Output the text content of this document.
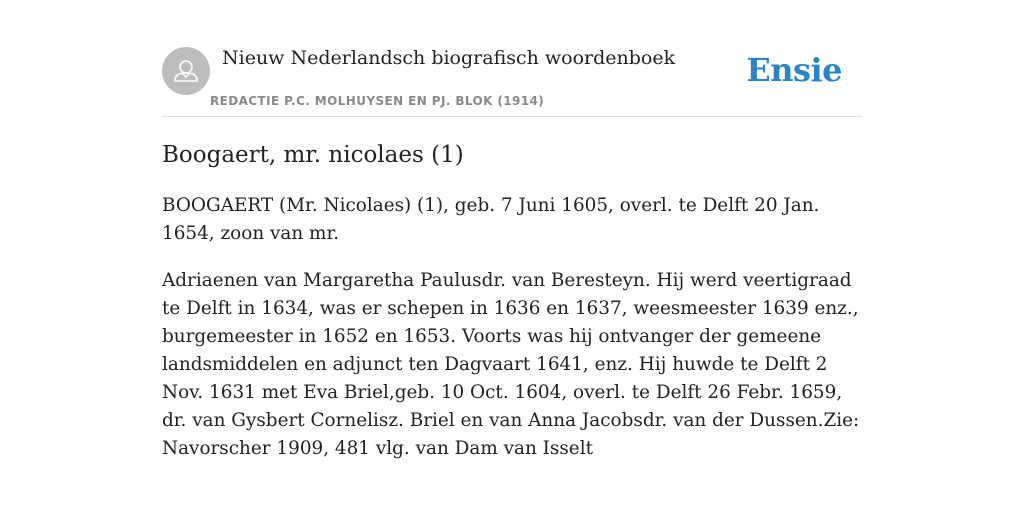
Nieuw Nederlandsch biografisch woordenboek
REDACTIE P.C. MOLHUYSEN EN PJ. BLOK (1914)
Ensie
Boogaert, mr. nicolaes (1)

BOOGAERT (Mr. Nicolaes) (1), geb. 7 Juni 1605, overl. te Delft 20 Jan. 1654, zoon van mr.

Adriaenen van Margaretha Paulusdr. van Beresteyn. Hij werd veertigraad te Delft in 1634, was er schepen in 1636 en 1637, weesmeester 1639 enz., burgemeester in 1652 en 1653. Voorts was hij ontvanger der gemeene landsmiddelen en adjunct ten Dagvaart 1641, enz. Hij huwde te Delft 2 Nov. 1631 met Eva Briel,geb. 10 Oct. 1604, overl. te Delft 26 Febr. 1659, dr. van Gysbert Cornelisz. Briel en van Anna Jacobsdr. van der Dussen.Zie: Navorscher 1909, 481 vlg. van Dam van Isselt
